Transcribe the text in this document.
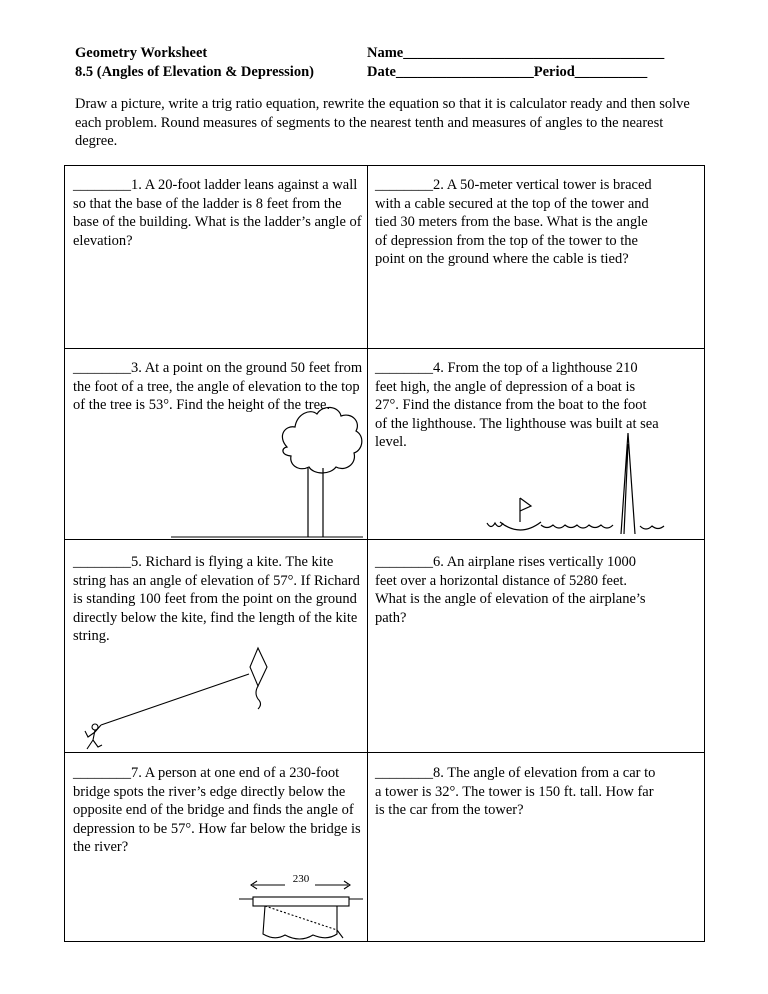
Geometry Worksheet
8.5 (Angles of Elevation & Depression)
Name____________________________________
Date___________________Period__________
Draw a picture, write a trig ratio equation, rewrite the equation so that it is calculator ready and then solve each problem. Round measures of segments to the nearest tenth and measures of angles to the nearest degree.
________1. A 20-foot ladder leans against a wall so that the base of the ladder is 8 feet from the base of the building. What is the ladder’s angle of elevation?
________2. A 50-meter vertical tower is braced with a cable secured at the top of the tower and tied 30 meters from the base. What is the angle of depression from the top of the tower to the point on the ground where the cable is tied?
________3. At a point on the ground 50 feet from the foot of a tree, the angle of elevation to the top of the tree is 53°. Find the height of the tree.
________4. From the top of a lighthouse 210 feet high, the angle of depression of a boat is 27°. Find the distance from the boat to the foot of the lighthouse. The lighthouse was built at sea level.
________5. Richard is flying a kite. The kite string has an angle of elevation of 57°. If Richard is standing 100 feet from the point on the ground directly below the kite, find the length of the kite string.
________6. An airplane rises vertically 1000 feet over a horizontal distance of 5280 feet. What is the angle of elevation of the airplane’s path?
________7. A person at one end of a 230-foot bridge spots the river’s edge directly below the opposite end of the bridge and finds the angle of depression to be 57°. How far below the bridge is the river?
________8. The angle of elevation from a car to a tower is 32°. The tower is 150 ft. tall. How far is the car from the tower?
230
